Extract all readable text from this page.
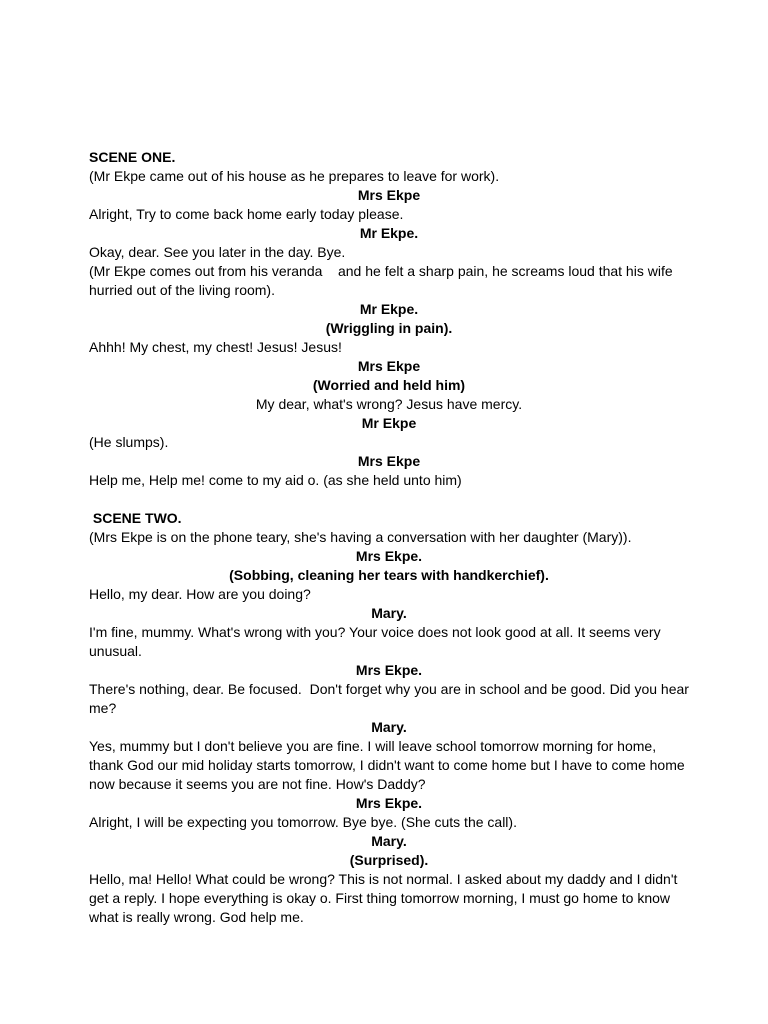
SCENE ONE.
(Mr Ekpe came out of his house as he prepares to leave for work).
Mrs Ekpe
Alright, Try to come back home early today please.
Mr Ekpe.
Okay, dear. See you later in the day. Bye.
(Mr Ekpe comes out from his veranda    and he felt a sharp pain, he screams loud that his wife hurried out of the living room).
Mr Ekpe.
(Wriggling in pain).
Ahhh! My chest, my chest! Jesus! Jesus!
Mrs Ekpe
(Worried and held him)
My dear, what's wrong? Jesus have mercy.
Mr Ekpe
(He slumps).
Mrs Ekpe
Help me, Help me! come to my aid o. (as she held unto him)
SCENE TWO.
(Mrs Ekpe is on the phone teary, she's having a conversation with her daughter (Mary)).
Mrs Ekpe.
(Sobbing, cleaning her tears with handkerchief).
Hello, my dear. How are you doing?
Mary.
I'm fine, mummy. What's wrong with you? Your voice does not look good at all. It seems very unusual.
Mrs Ekpe.
There's nothing, dear. Be focused.  Don't forget why you are in school and be good. Did you hear me?
Mary.
Yes, mummy but I don't believe you are fine. I will leave school tomorrow morning for home, thank God our mid holiday starts tomorrow, I didn't want to come home but I have to come home now because it seems you are not fine. How's Daddy?
Mrs Ekpe.
Alright, I will be expecting you tomorrow. Bye bye. (She cuts the call).
Mary.
(Surprised).
Hello, ma! Hello! What could be wrong? This is not normal. I asked about my daddy and I didn't get a reply. I hope everything is okay o. First thing tomorrow morning, I must go home to know what is really wrong. God help me.
